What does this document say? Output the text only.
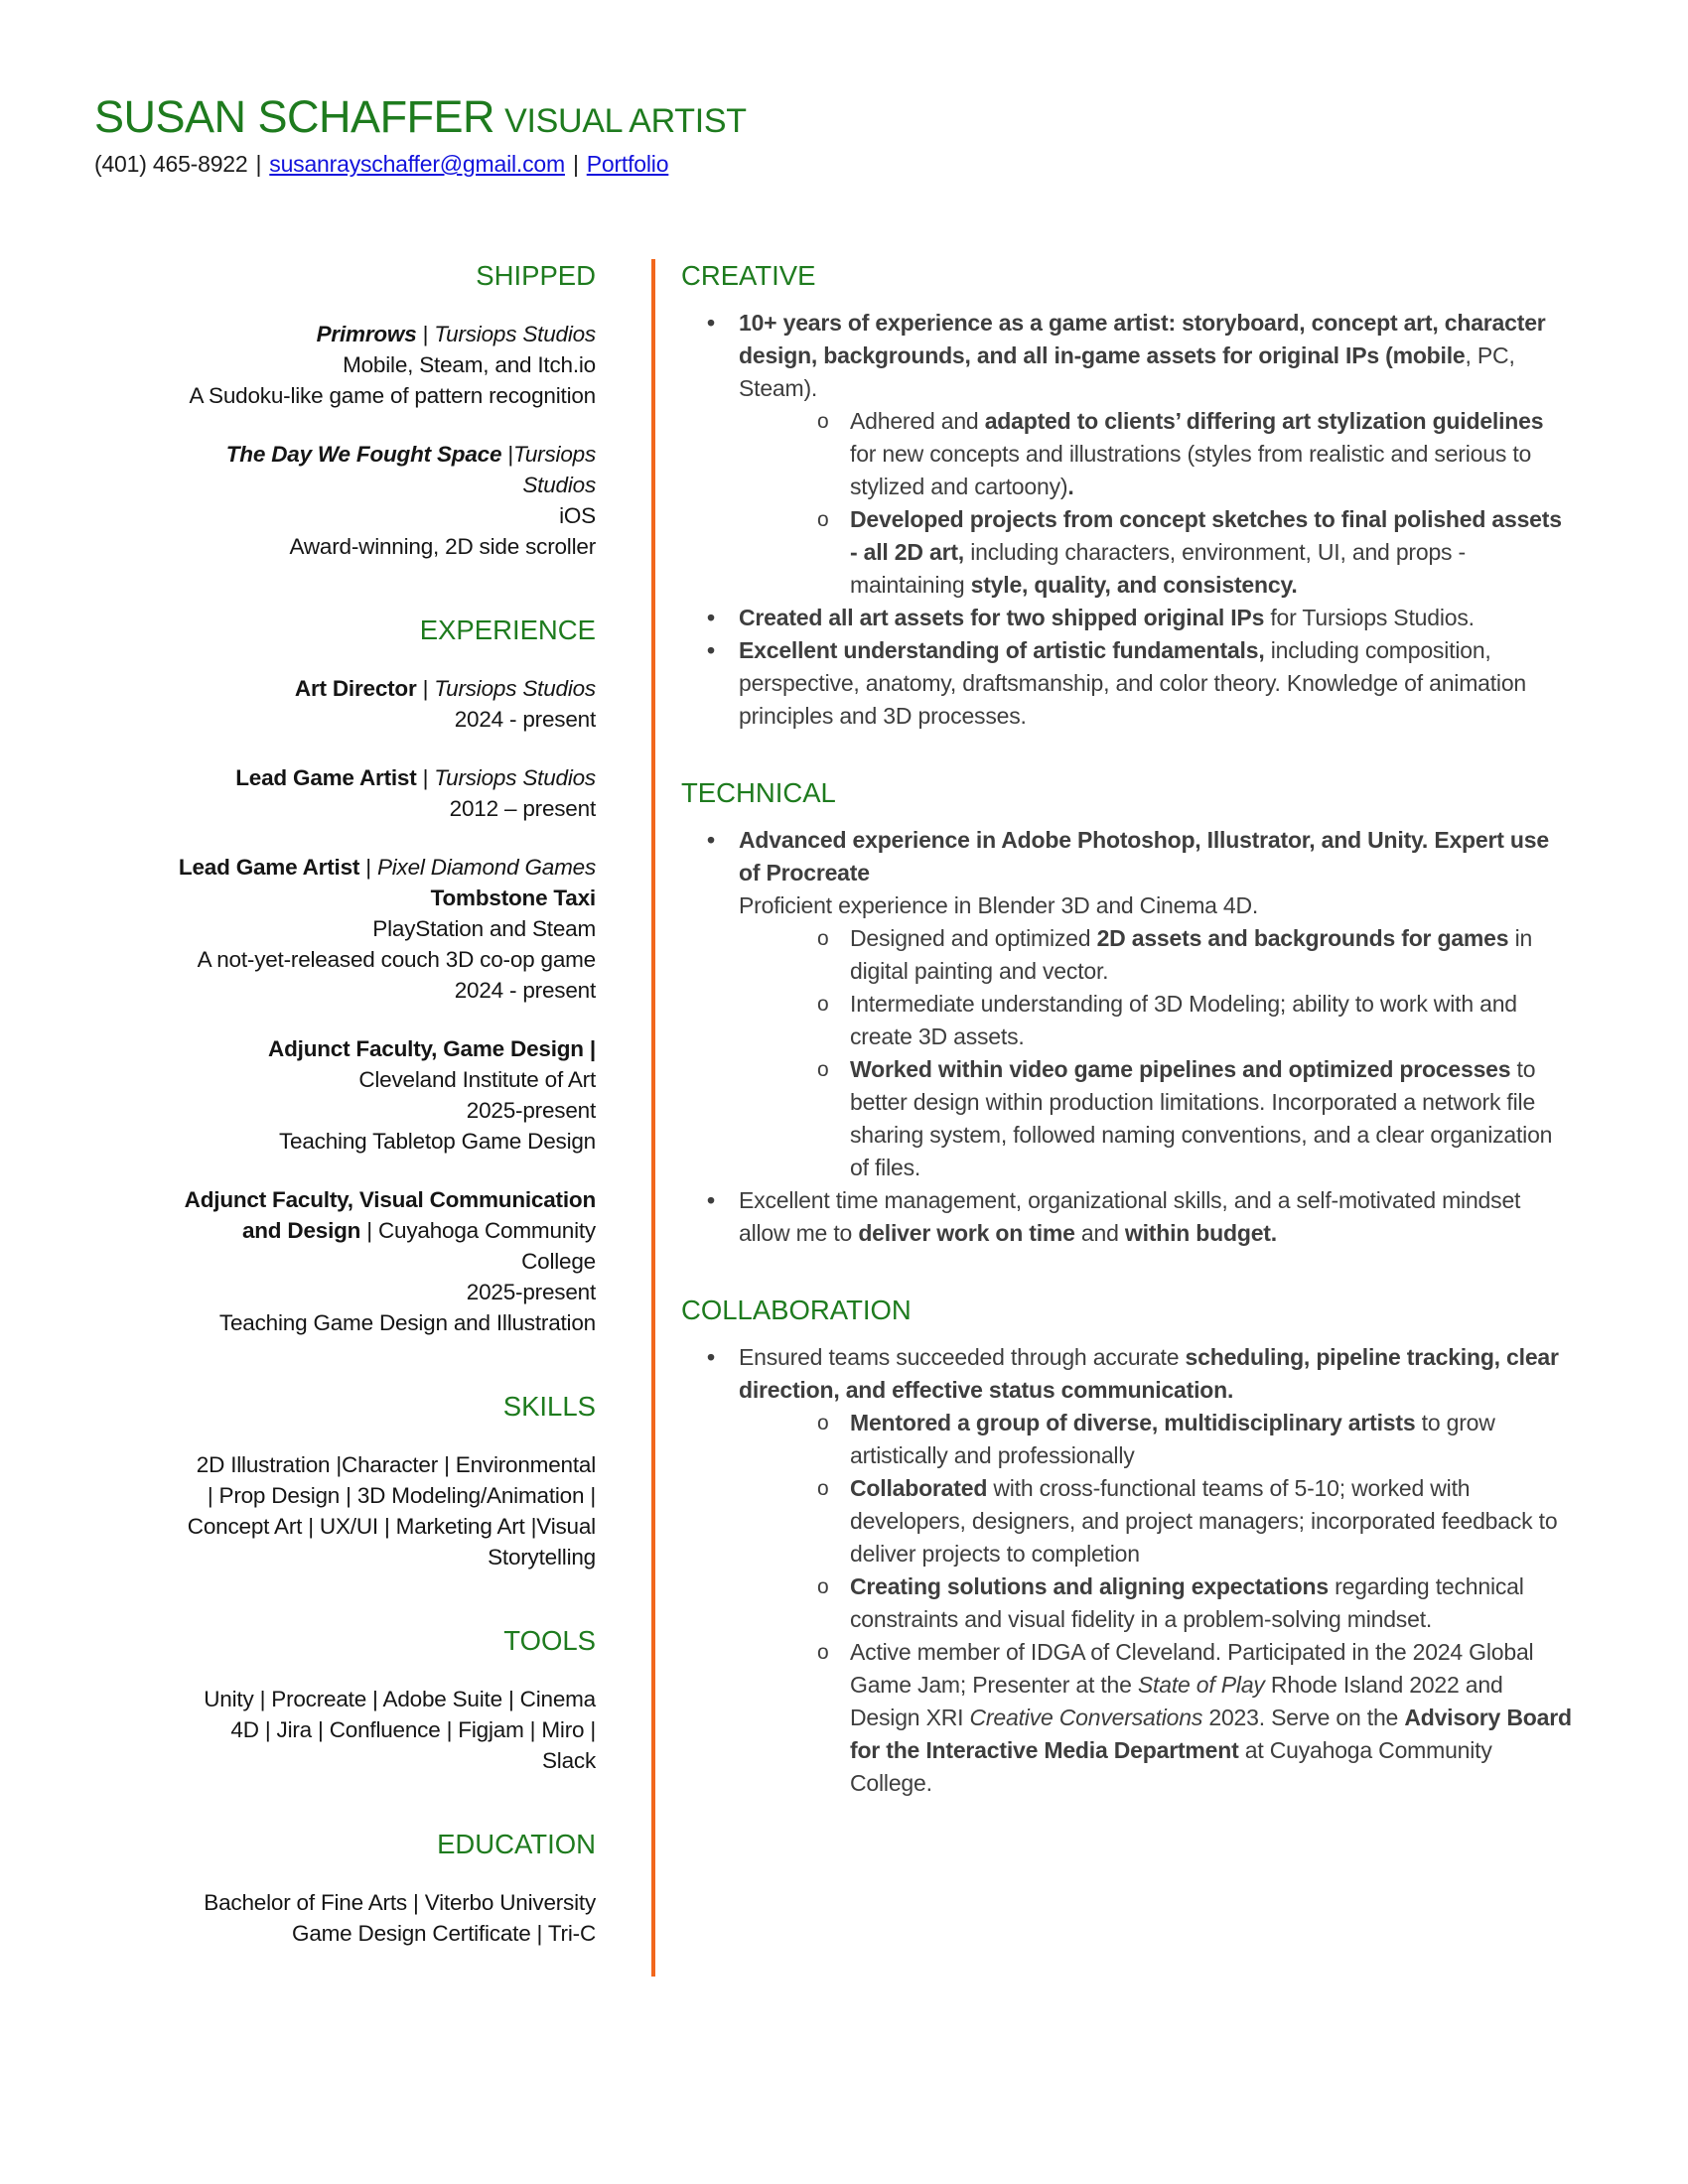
SUSAN SCHAFFER VISUAL ARTIST
(401) 465-8922 | susanrayschaffer@gmail.com | Portfolio
SHIPPED
Primrows | Tursiops Studios
Mobile, Steam, and Itch.io
A Sudoku-like game of pattern recognition
The Day We Fought Space |Tursiops
Studios
iOS
Award-winning, 2D side scroller
EXPERIENCE
Art Director | Tursiops Studios
2024 - present
Lead Game Artist | Tursiops Studios
2012 – present
Lead Game Artist | Pixel Diamond Games
Tombstone Taxi
PlayStation and Steam
A not-yet-released couch 3D co-op game
2024 - present
Adjunct Faculty, Game Design |
Cleveland Institute of Art
2025-present
Teaching Tabletop Game Design
Adjunct Faculty, Visual Communication
and Design | Cuyahoga Community
College
2025-present
Teaching Game Design and Illustration
SKILLS
2D Illustration |Character | Environmental
| Prop Design | 3D Modeling/Animation |
Concept Art | UX/UI | Marketing Art |Visual
Storytelling
TOOLS
Unity | Procreate | Adobe Suite | Cinema
4D | Jira | Confluence | Figjam | Miro |
Slack
EDUCATION
Bachelor of Fine Arts | Viterbo University
Game Design Certificate | Tri-C
CREATIVE
• 10+ years of experience as a game artist: storyboard, concept art, character design, backgrounds, and all in-game assets for original IPs (mobile, PC, Steam).
o Adhered and adapted to clients’ differing art stylization guidelines for new concepts and illustrations (styles from realistic and serious to stylized and cartoony).
o Developed projects from concept sketches to final polished assets - all 2D art, including characters, environment, UI, and props - maintaining style, quality, and consistency.
• Created all art assets for two shipped original IPs for Tursiops Studios.
• Excellent understanding of artistic fundamentals, including composition, perspective, anatomy, draftsmanship, and color theory. Knowledge of animation principles and 3D processes.
TECHNICAL
• Advanced experience in Adobe Photoshop, Illustrator, and Unity. Expert use of Procreate
Proficient experience in Blender 3D and Cinema 4D.
o Designed and optimized 2D assets and backgrounds for games in digital painting and vector.
o Intermediate understanding of 3D Modeling; ability to work with and create 3D assets.
o Worked within video game pipelines and optimized processes to better design within production limitations. Incorporated a network file sharing system, followed naming conventions, and a clear organization of files.
• Excellent time management, organizational skills, and a self-motivated mindset allow me to deliver work on time and within budget.
COLLABORATION
• Ensured teams succeeded through accurate scheduling, pipeline tracking, clear direction, and effective status communication.
o Mentored a group of diverse, multidisciplinary artists to grow artistically and professionally
o Collaborated with cross-functional teams of 5-10; worked with developers, designers, and project managers; incorporated feedback to deliver projects to completion
o Creating solutions and aligning expectations regarding technical constraints and visual fidelity in a problem-solving mindset.
o Active member of IDGA of Cleveland. Participated in the 2024 Global Game Jam; Presenter at the State of Play Rhode Island 2022 and Design XRI Creative Conversations 2023. Serve on the Advisory Board for the Interactive Media Department at Cuyahoga Community College.
